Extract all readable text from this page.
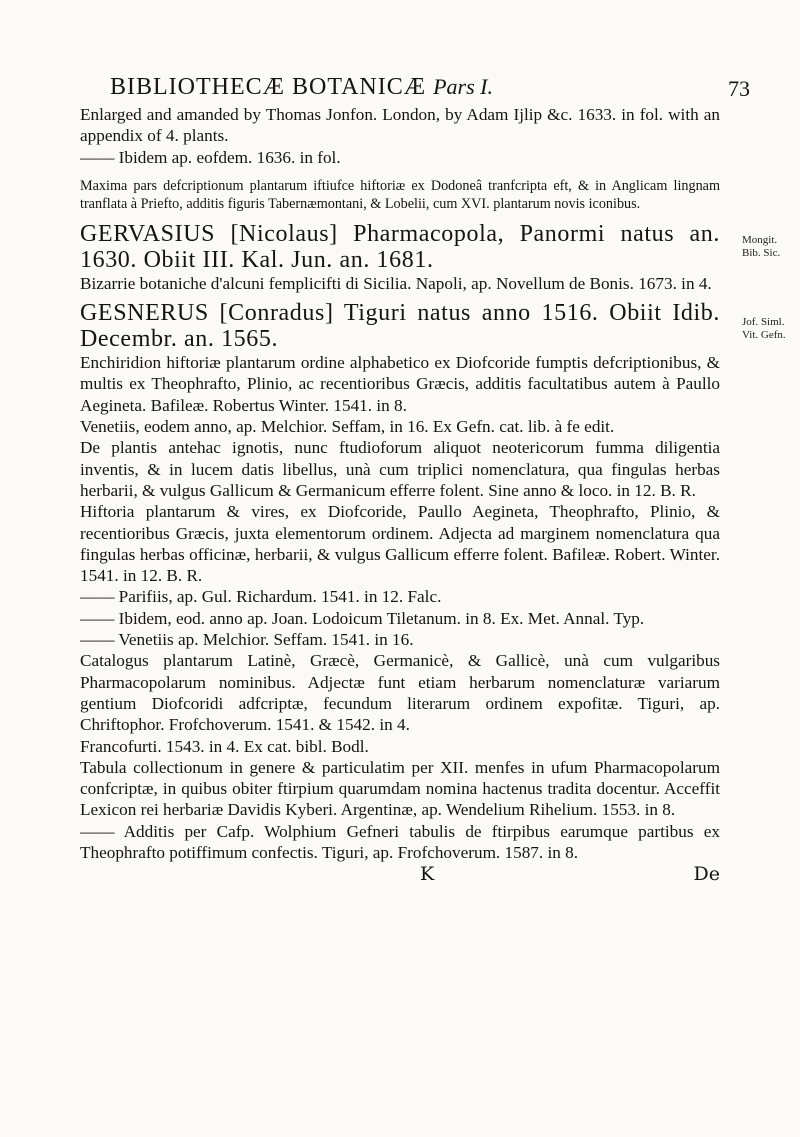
BIBLIOTHECÆ BOTANICÆ Pars I.	73

Enlarged and amanded by Thomas Jonfon. London, by Adam Ijlip &c. 1633. in fol. with an appendix of 4. plants.

—— Ibidem ap. eofdem. 1636. in fol.

Maxima pars defcriptionum plantarum iftiufce hiftoriæ ex Dodoneâ tranfcripta eft, & in Anglicam lingnam tranflata à Priefto, additis figuris Tabernæmontani, & Lobelii, cum XVI. plantarum novis iconibus.

GERVASIUS [Nicolaus] Pharmacopola, Panormi natus an. 1630. Obiit III. Kal. Jun. an. 1681.

Bizarrie botaniche d'alcuni femplicifti di Sicilia. Napoli, ap. Novellum de Bonis. 1673. in 4.

GESNERUS [Conradus] Tiguri natus anno 1516. Obiit Idib. Decembr. an. 1565.

Enchiridion hiftoriæ plantarum ordine alphabetico ex Diofcoride fumptis defcriptionibus, & multis ex Theophrafto, Plinio, ac recentioribus Græcis, additis facultatibus autem à Paullo Aegineta. Bafileæ. Robertus Winter. 1541. in 8.

Venetiis, eodem anno, ap. Melchior. Seffam, in 16. Ex Gefn. cat. lib. à fe edit.

De plantis antehac ignotis, nunc ftudioforum aliquot neotericorum fumma diligentia inventis, & in lucem datis libellus, unà cum triplici nomenclatura, qua fingulas herbas herbarii, & vulgus Gallicum & Germanicum efferre folent. Sine anno & loco. in 12. B. R.

Hiftoria plantarum & vires, ex Diofcoride, Paullo Aegineta, Theophrafto, Plinio, & recentioribus Græcis, juxta elementorum ordinem. Adjecta ad marginem nomenclatura qua fingulas herbas officinæ, herbarii, & vulgus Gallicum efferre folent. Bafileæ. Robert. Winter. 1541. in 12. B. R.

—— Parifiis, ap. Gul. Richardum. 1541. in 12. Falc.

—— Ibidem, eod. anno ap. Joan. Lodoicum Tiletanum. in 8. Ex. Met. Annal. Typ.

—— Venetiis ap. Melchior. Seffam. 1541. in 16.

Catalogus plantarum Latinè, Græcè, Germanicè, & Gallicè, unà cum vulgaribus Pharmacopolarum nominibus. Adjectæ funt etiam herbarum nomenclaturæ variarum gentium Diofcoridi adfcriptæ, fecundum literarum ordinem expofitæ. Tiguri, ap. Chriftophor. Frofchoverum. 1541. & 1542. in 4.

Francofurti. 1543. in 4. Ex cat. bibl. Bodl.

Tabula collectionum in genere & particulatim per XII. menfes in ufum Pharmacopolarum confcriptæ, in quibus obiter ftirpium quarumdam nomina hactenus tradita docentur. Acceffit Lexicon rei herbariæ Davidis Kyberi. Argentinæ, ap. Wendelium Rihelium. 1553. in 8.

—— Additis per Cafp. Wolphium Gefneri tabulis de ftirpibus earumque partibus ex Theophrafto potiffimum confectis. Tiguri, ap. Frofchoverum. 1587. in 8.

K	De
Mongit.
Bib. Sic.
Jof. Siml.
Vit. Gefn.
